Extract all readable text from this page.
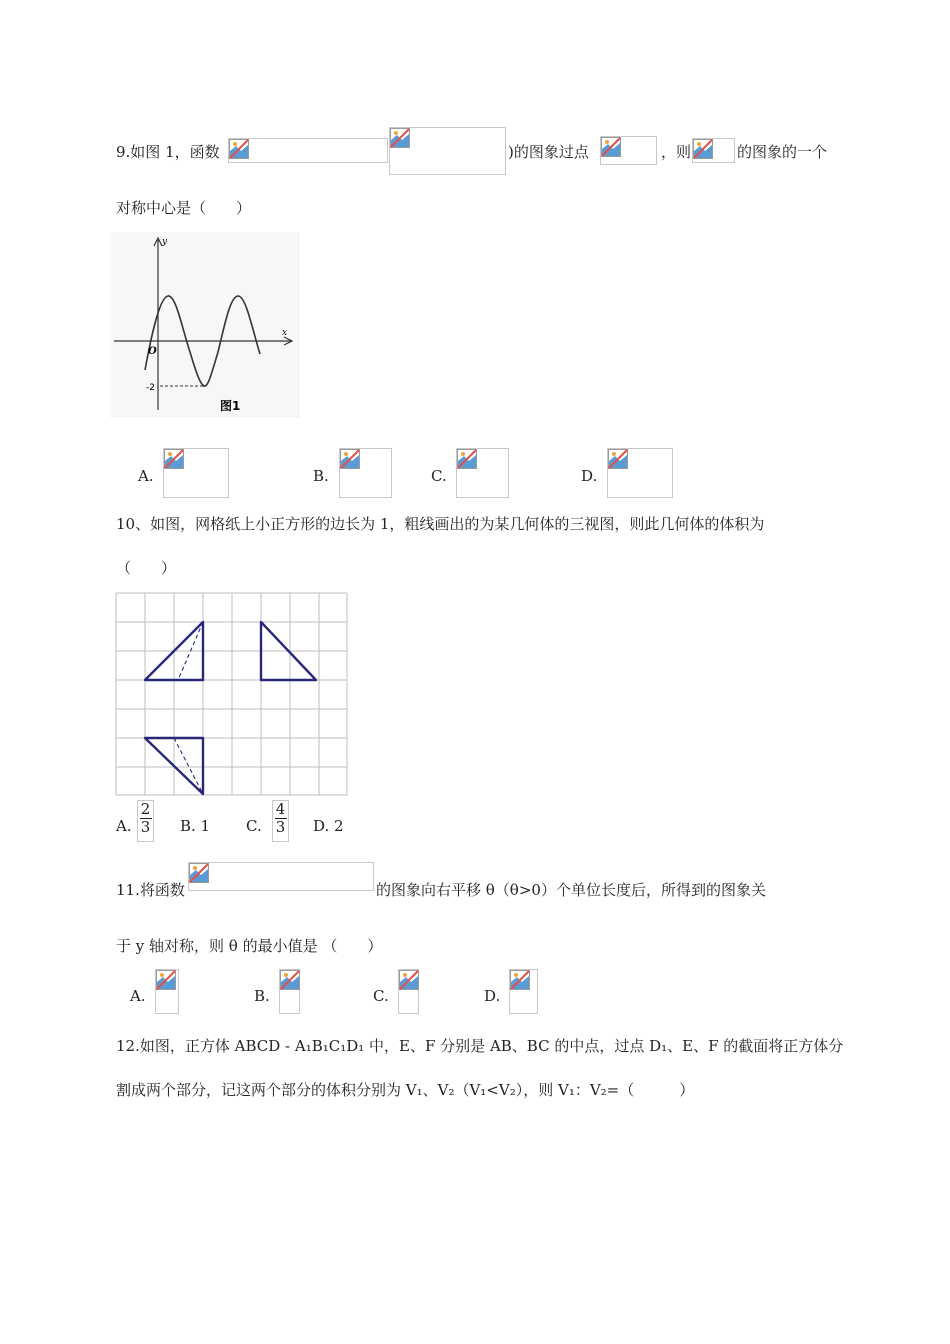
9.如图 1，函数	)的图象过点	，则	的图象的一个
对称中心是（　　）
y
x
O
-2
图1
A.	B.	C.	D.
10、如图，网格纸上小正方形的边长为 1，粗线画出的为某几何体的三视图，则此几何体的体积为
（　　）
A.
2
3 B. 1 C.
4
3 D. 2
11.将函数	的图象向右平移 θ（θ>0）个单位长度后，所得到的图象关
于 y 轴对称，则 θ 的最小值是 （　　）
A.	B.	C.	D.
12.如图，正方体 ABCD - A₁B₁C₁D₁ 中，E、F 分别是 AB、BC 的中点，过点 D₁、E、F 的截面将正方体分
割成两个部分，记这两个部分的体积分别为 V₁、V₂（V₁<V₂），则 V₁：V₂=（　　　）
